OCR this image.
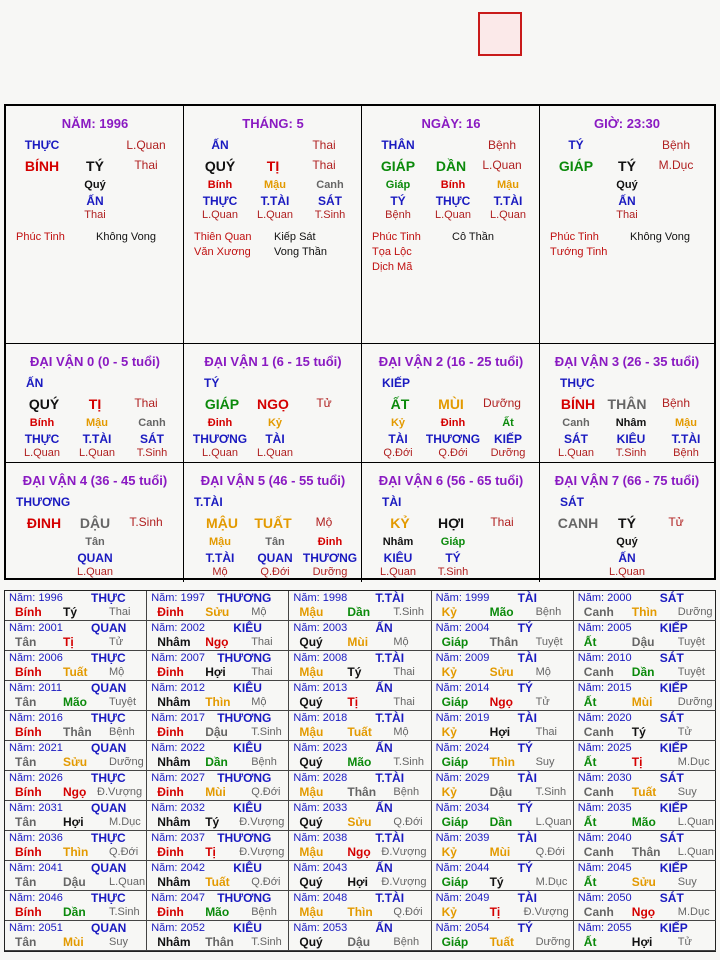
NĂM: 1996
THỰC	L.Quan
BÍNH	TÝ	Thai
Quý
ẤN
Thai
Phúc Tinh	Không Vong
THÁNG: 5
ẤN	Thai
QUÝ	TỊ	Thai
Bính
THỰC
L.Quan
Mậu
T.TÀI
L.Quan
Canh
SÁT
T.Sinh
Thiên Quan
Văn Xương
Kiếp Sát
Vong Thần
NGÀY: 16
THÂN	Bệnh
GIÁP	DẦN	L.Quan
Giáp
TÝ
Bệnh
Bính
THỰC
L.Quan
Mậu
T.TÀI
L.Quan
Phúc Tinh
Tọa Lộc
Dịch Mã
Cô Thần
GIỜ: 23:30
TÝ	Bệnh
GIÁP	TÝ	M.Dục
Quý
ẤN
Thai
Phúc Tinh
Tướng Tinh
Không Vong
ĐẠI VẬN 0 (0 - 5 tuổi)
ẤN
QUÝ	TỊ	Thai
Bính
THỰC
L.Quan
Mậu
T.TÀI
L.Quan
Canh
SÁT
T.Sinh
ĐẠI VẬN 1 (6 - 15 tuổi)
TÝ
GIÁP	NGỌ	Tử
Đinh
THƯƠNG
L.Quan
Kỷ
TÀI
L.Quan
ĐẠI VẬN 2 (16 - 25 tuổi)
KIẾP
ẤT	MÙI	Dưỡng
Kỷ
TÀI
Q.Đới
Đinh
THƯƠNG
Q.Đới
Ất
KIẾP
Dưỡng
ĐẠI VẬN 3 (26 - 35 tuổi)
THỰC
BÍNH THÂN	Bệnh
Canh
SÁT
L.Quan
Nhâm
KIÊU
T.Sinh
Mậu
T.TÀI
Bệnh
ĐẠI VẬN 4 (36 - 45 tuổi)
THƯƠNG
ĐINH	DẬU	T.Sinh
Tân
QUAN
L.Quan
ĐẠI VẬN 5 (46 - 55 tuổi)
T.TÀI
MẬU	TUẤT	Mộ
Mậu
T.TÀI
Mộ
Tân
QUAN
Q.Đới
Đinh
THƯƠNG
Dưỡng
ĐẠI VẬN 6 (56 - 65 tuổi)
TÀI
KỶ	HỢI	Thai
Nhâm
KIÊU
L.Quan
Giáp
TÝ
T.Sinh
ĐẠI VẬN 7 (66 - 75 tuổi)
SÁT
CANH	TÝ	Tử
Quý
ẤN
L.Quan
Năm: 1996 THỰC
Bính Tý	Thai
Năm: 1997 THƯƠNG
Đinh Sửu Mộ
Năm: 1998 T.TÀI
Mậu Dần T.Sinh
Năm: 1999 TÀI
Kỷ	Mão Bệnh
Năm: 2000 SÁT
Canh Thìn Dưỡng
Năm: 2001 QUAN
Tân Tị	Tử
Năm: 2002 KIÊU
Nhâm Ngọ Thai
Năm: 2003 ẤN
Quý Mùi Mộ
Năm: 2004 TÝ
Giáp Thân Tuyệt
Năm: 2005 KIẾP
Ất	Dậu Tuyệt
Năm: 2006 THỰC
Bính Tuất Mộ
Năm: 2007 THƯƠNG
Đinh Hợi Thai
Năm: 2008 T.TÀI
Mậu Tý	Thai
Năm: 2009 TÀI
Kỷ	Sửu Mộ
Năm: 2010 SÁT
Canh Dần Tuyệt
Năm: 2011 QUAN
Tân Mão Tuyệt
Năm: 2012 KIÊU
Nhâm Thìn Mộ
Năm: 2013 ẤN
Quý Tị	Thai
Năm: 2014 TÝ
Giáp Ngọ Tử
Năm: 2015 KIẾP
Ất	Mùi Dưỡng
Năm: 2016 THỰC
Bính Thân Bệnh
Năm: 2017 THƯƠNG
Đinh Dậu T.Sinh
Năm: 2018 T.TÀI
Mậu Tuất Mộ
Năm: 2019 TÀI
Kỷ	Hợi Thai
Năm: 2020 SÁT
Canh Tý	Tử
Năm: 2021 QUAN
Tân Sửu Dưỡng
Năm: 2022 KIÊU
Nhâm Dần Bệnh
Năm: 2023 ẤN
Quý Mão T.Sinh
Năm: 2024 TÝ
Giáp Thìn Suy
Năm: 2025 KIẾP
Ất	Tị	M.Dục
Năm: 2026 THỰC
Bính Ngọ Đ.Vượng
Năm: 2027 THƯƠNG
Đinh Mùi Q.Đới
Năm: 2028 T.TÀI
Mậu Thân Bệnh
Năm: 2029 TÀI
Kỷ	Dậu T.Sinh
Năm: 2030 SÁT
Canh Tuất Suy
Năm: 2031 QUAN
Tân Hợi M.Dục
Năm: 2032 KIÊU
Nhâm Tý Đ.Vượng
Năm: 2033 ẤN
Quý Sửu Q.Đới
Năm: 2034 TÝ
Giáp Dần L.Quan
Năm: 2035 KIẾP
Ất	Mão L.Quan
Năm: 2036 THỰC
Bính Thìn Q.Đới
Năm: 2037 THƯƠNG
Đinh Tị Đ.Vượng
Năm: 2038 T.TÀI
Mậu Ngọ Đ.Vượng
Năm: 2039 TÀI
Kỷ	Mùi Q.Đới
Năm: 2040 SÁT
Canh Thân L.Quan
Năm: 2041 QUAN
Tân Dậu L.Quan
Năm: 2042 KIÊU
Nhâm Tuất Q.Đới
Năm: 2043 ẤN
Quý Hợi Đ.Vượng
Năm: 2044 TÝ
Giáp Tý	M.Dục
Năm: 2045 KIẾP
Ất	Sửu Suy
Năm: 2046 THỰC
Bính Dần T.Sinh
Năm: 2047 THƯƠNG
Đinh Mão Bệnh
Năm: 2048 T.TÀI
Mậu Thìn Q.Đới
Năm: 2049 TÀI
Kỷ	Tị Đ.Vượng
Năm: 2050 SÁT
Canh Ngọ M.Dục
Năm: 2051 QUAN
Tân Mùi Suy
Năm: 2052 KIÊU
Nhâm Thân T.Sinh
Năm: 2053 ẤN
Quý Dậu Bệnh
Năm: 2054 TÝ
Giáp Tuất Dưỡng
Năm: 2055 KIẾP
Ất	Hợi Tử
